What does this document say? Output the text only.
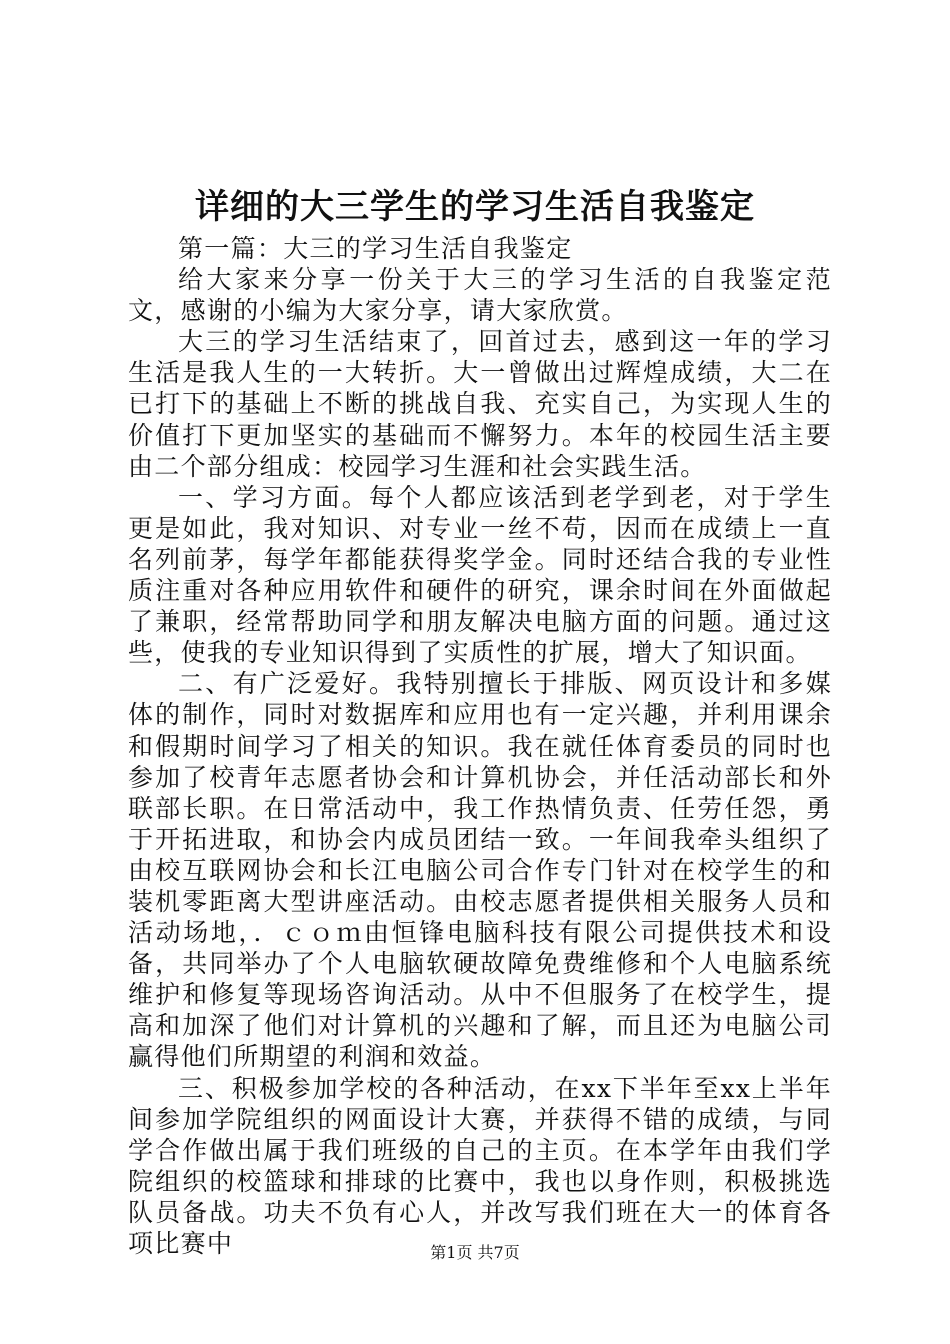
详细的大三学生的学习生活自我鉴定

第一篇：大三的学习生活自我鉴定

给大家来分享一份关于大三的学习生活的自我鉴定范文，感谢的小编为大家分享，请大家欣赏。

大三的学习生活结束了，回首过去，感到这一年的学习生活是我人生的一大转折。大一曾做出过辉煌成绩，大二在已打下的基础上不断的挑战自我、充实自己，为实现人生的价值打下更加坚实的基础而不懈努力。本年的校园生活主要由二个部分组成：校园学习生涯和社会实践生活。

一、学习方面。每个人都应该活到老学到老，对于学生更是如此，我对知识、对专业一丝不苟，因而在成绩上一直名列前茅，每学年都能获得奖学金。同时还结合我的专业性质注重对各种应用软件和硬件的研究，课余时间在外面做起了兼职，经常帮助同学和朋友解决电脑方面的问题。通过这些，使我的专业知识得到了实质性的扩展，增大了知识面。

二、有广泛爱好。我特别擅长于排版、网页设计和多媒体的制作，同时对数据库和应用也有一定兴趣，并利用课余和假期时间学习了相关的知识。我在就任体育委员的同时也参加了校青年志愿者协会和计算机协会，并任活动部长和外联部长职。在日常活动中，我工作热情负责、任劳任怨，勇于开拓进取，和协会内成员团结一致。一年间我牵头组织了由校互联网协会和长江电脑公司合作专门针对在校学生的和装机零距离大型讲座活动。由校志愿者提供相关服务人员和活动场地，．ｃｏｍ由恒锋电脑科技有限公司提供技术和设备，共同举办了个人电脑软硬故障免费维修和个人电脑系统维护和修复等现场咨询活动。从中不但服务了在校学生，提高和加深了他们对计算机的兴趣和了解，而且还为电脑公司赢得他们所期望的利润和效益。

三、积极参加学校的各种活动，在xx下半年至xx上半年间参加学院组织的网面设计大赛，并获得不错的成绩，与同学合作做出属于我们班级的自己的主页。在本学年由我们学院组织的校篮球和排球的比赛中，我也以身作则，积极挑选队员备战。功夫不负有心人，并改写我们班在大一的体育各项比赛中	第1页 共7页
